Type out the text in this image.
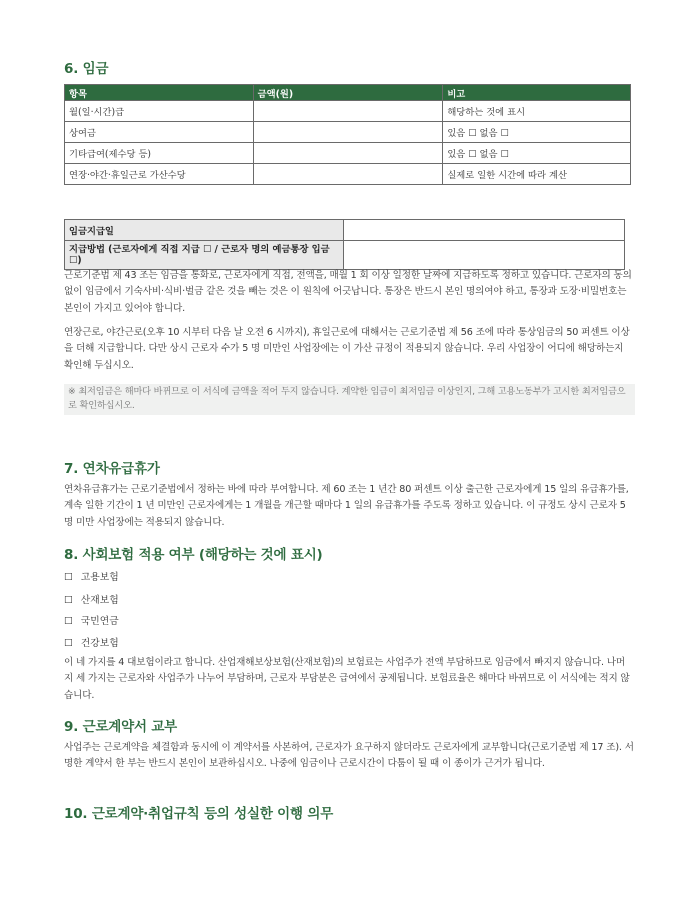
6. 임금
항목	금액(원)	비고
월(일·시간)급		해당하는 것에 표시
상여금		있음 ☐ 없음 ☐
기타급여(제수당 등)		있음 ☐ 없음 ☐
연장·야간·휴일근로 가산수당		실제로 일한 시간에 따라 계산
임금지급일	
지급방법 (근로자에게 직접 지급 ☐ / 근로자 명의 예금통장 입금 ☐)	

근로기준법 제 43 조는 임금을 통화로, 근로자에게 직접, 전액을, 매월 1 회 이상 일정한 날짜에 지급하도록 정하고 있습니다. 근로자의 동의 없이 임금에서 기숙사비·식비·벌금 같은 것을 빼는 것은 이 원칙에 어긋납니다. 통장은 반드시 본인 명의여야 하고, 통장과 도장·비밀번호는 본인이 가지고 있어야 합니다.

연장근로, 야간근로(오후 10 시부터 다음 날 오전 6 시까지), 휴일근로에 대해서는 근로기준법 제 56 조에 따라 통상임금의 50 퍼센트 이상을 더해 지급합니다. 다만 상시 근로자 수가 5 명 미만인 사업장에는 이 가산 규정이 적용되지 않습니다. 우리 사업장이 어디에 해당하는지 확인해 두십시오.

※ 최저임금은 해마다 바뀌므로 이 서식에 금액을 적어 두지 않습니다. 계약한 임금이 최저임금 이상인지, 그해 고용노동부가 고시한 최저임금으로 확인하십시오.
7. 연차유급휴가

연차유급휴가는 근로기준법에서 정하는 바에 따라 부여합니다. 제 60 조는 1 년간 80 퍼센트 이상 출근한 근로자에게 15 일의 유급휴가를, 계속 일한 기간이 1 년 미만인 근로자에게는 1 개월을 개근할 때마다 1 일의 유급휴가를 주도록 정하고 있습니다. 이 규정도 상시 근로자 5 명 미만 사업장에는 적용되지 않습니다.

8. 사회보험 적용 여부 (해당하는 것에 표시)
☐ 고용보험
☐ 산재보험
☐ 국민연금
☐ 건강보험

이 네 가지를 4 대보험이라고 합니다. 산업재해보상보험(산재보험)의 보험료는 사업주가 전액 부담하므로 임금에서 빠지지 않습니다. 나머지 세 가지는 근로자와 사업주가 나누어 부담하며, 근로자 부담분은 급여에서 공제됩니다. 보험료율은 해마다 바뀌므로 이 서식에는 적지 않습니다.

9. 근로계약서 교부

사업주는 근로계약을 체결함과 동시에 이 계약서를 사본하여, 근로자가 요구하지 않더라도 근로자에게 교부합니다(근로기준법 제 17 조). 서명한 계약서 한 부는 반드시 본인이 보관하십시오. 나중에 임금이나 근로시간이 다툼이 될 때 이 종이가 근거가 됩니다.

10. 근로계약·취업규칙 등의 성실한 이행 의무
